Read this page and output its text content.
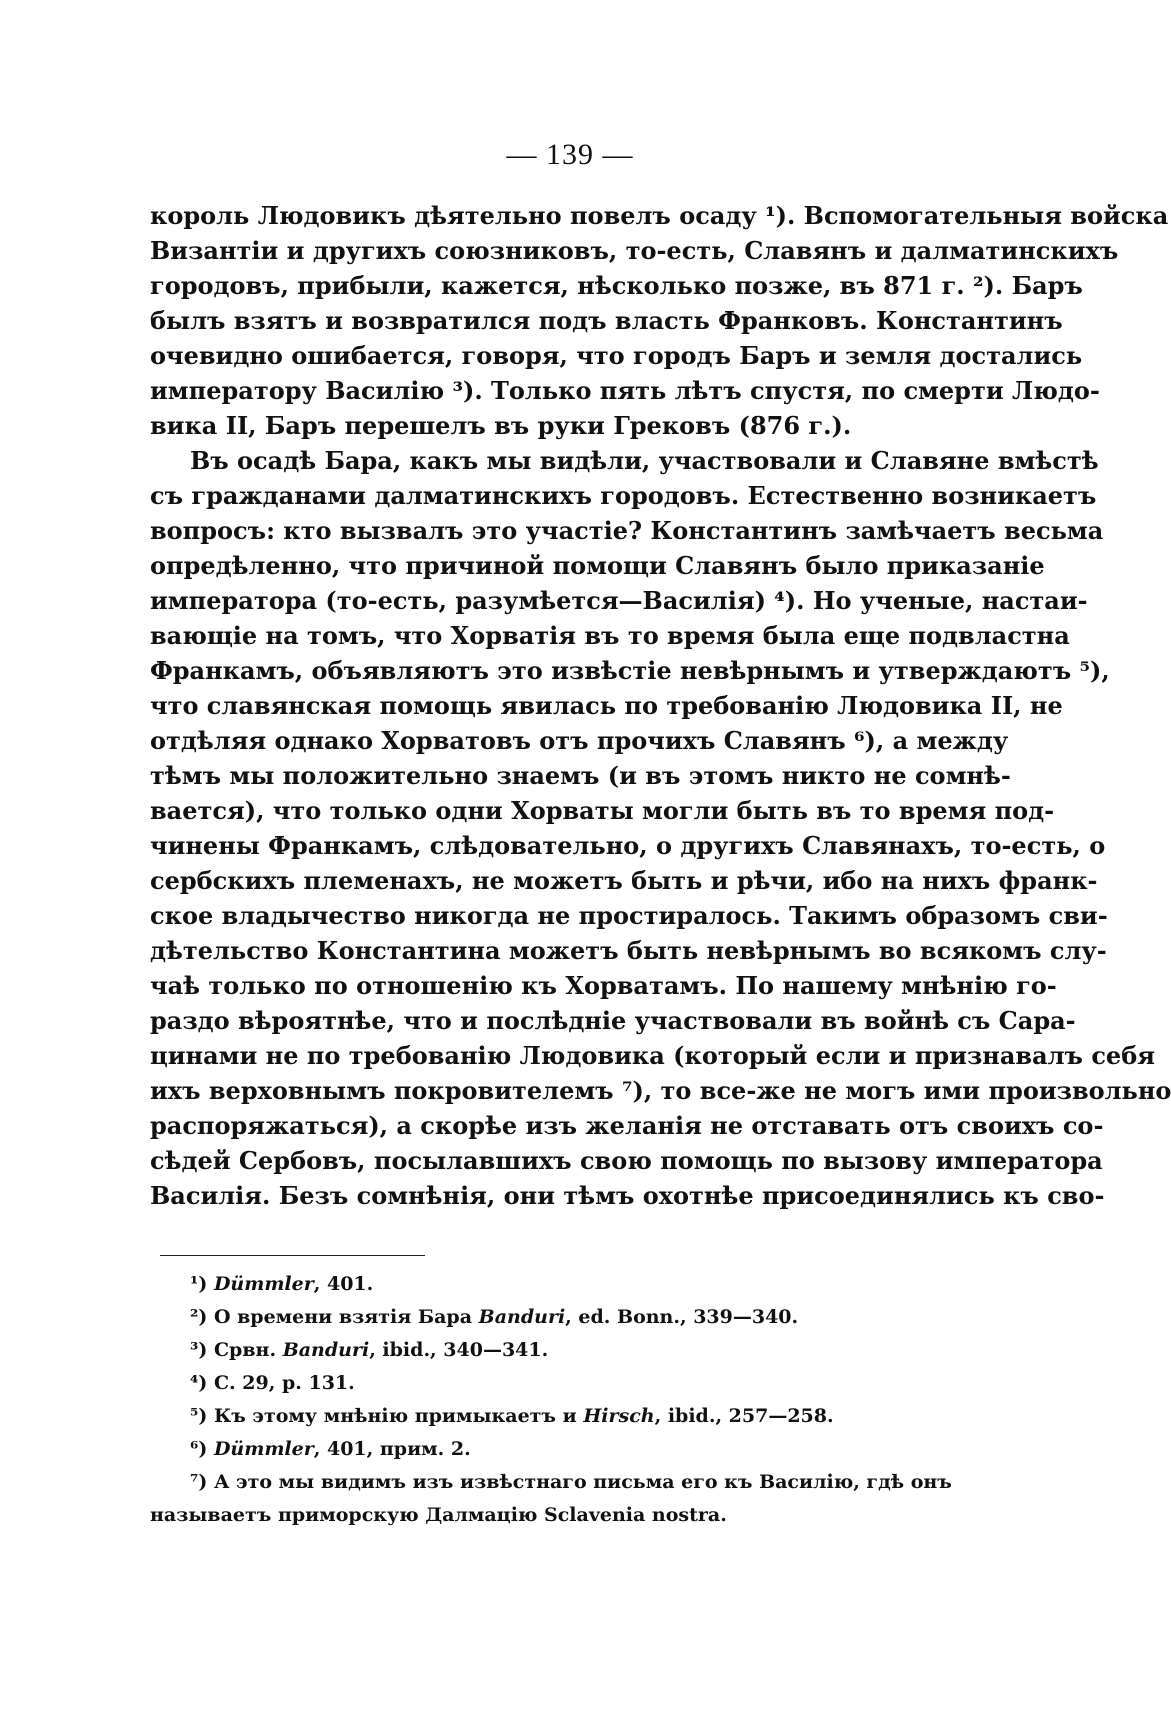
— 139 —
король Людовикъ дѣятельно повелъ осаду ¹). Вспомогательныя войска
Византіи и другихъ союзниковъ, то-есть, Славянъ и далматинскихъ
городовъ, прибыли, кажется, нѣсколько позже, въ 871 г. ²). Баръ
былъ взятъ и возвратился подъ власть Франковъ. Константинъ
очевидно ошибается, говоря, что городъ Баръ и земля достались
императору Василію ³). Только пять лѣтъ спустя, по смерти Людо-
вика II, Баръ перешелъ въ руки Грековъ (876 г.).
Въ осадѣ Бара, какъ мы видѣли, участвовали и Славяне вмѣстѣ
съ гражданами далматинскихъ городовъ. Естественно возникаетъ
вопросъ: кто вызвалъ это участіе? Константинъ замѣчаетъ весьма
опредѣленно, что причиной помощи Славянъ было приказаніе
императора (то-есть, разумѣется—Василія) ⁴). Но ученые, настаи-
вающіе на томъ, что Хорватія въ то время была еще подвластна
Франкамъ, объявляютъ это извѣстіе невѣрнымъ и утверждаютъ ⁵),
что славянская помощь явилась по требованію Людовика II, не
отдѣляя однако Хорватовъ отъ прочихъ Славянъ ⁶), а между
тѣмъ мы положительно знаемъ (и въ этомъ никто не сомнѣ-
вается), что только одни Хорваты могли быть въ то время под-
чинены Франкамъ, слѣдовательно, о другихъ Славянахъ, то-есть, о
сербскихъ племенахъ, не можетъ быть и рѣчи, ибо на нихъ франк-
ское владычество никогда не простиралось. Такимъ образомъ сви-
дѣтельство Константина можетъ быть невѣрнымъ во всякомъ слу-
чаѣ только по отношенію къ Хорватамъ. По нашему мнѣнію го-
раздо вѣроятнѣе, что и послѣдніе участвовали въ войнѣ съ Сара-
цинами не по требованію Людовика (который если и признавалъ себя
ихъ верховнымъ покровителемъ ⁷), то все-же не могъ ими произвольно
распоряжаться), а скорѣе изъ желанія не отставать отъ своихъ со-
сѣдей Сербовъ, посылавшихъ свою помощь по вызову императора
Василія. Безъ сомнѣнія, они тѣмъ охотнѣе присоединялись къ сво-
¹) Dümmler, 401.
²) О времени взятія Бара Banduri, ed. Bonn., 339—340.
³) Срвн. Banduri, ibid., 340—341.
⁴) С. 29, p. 131.
⁵) Къ этому мнѣнію примыкаетъ и Hirsch, ibid., 257—258.
⁶) Dümmler, 401, прим. 2.
⁷) А это мы видимъ изъ извѣстнаго письма его къ Василію, гдѣ онъ
называетъ приморскую Далмацію Sclavenia nostra.
